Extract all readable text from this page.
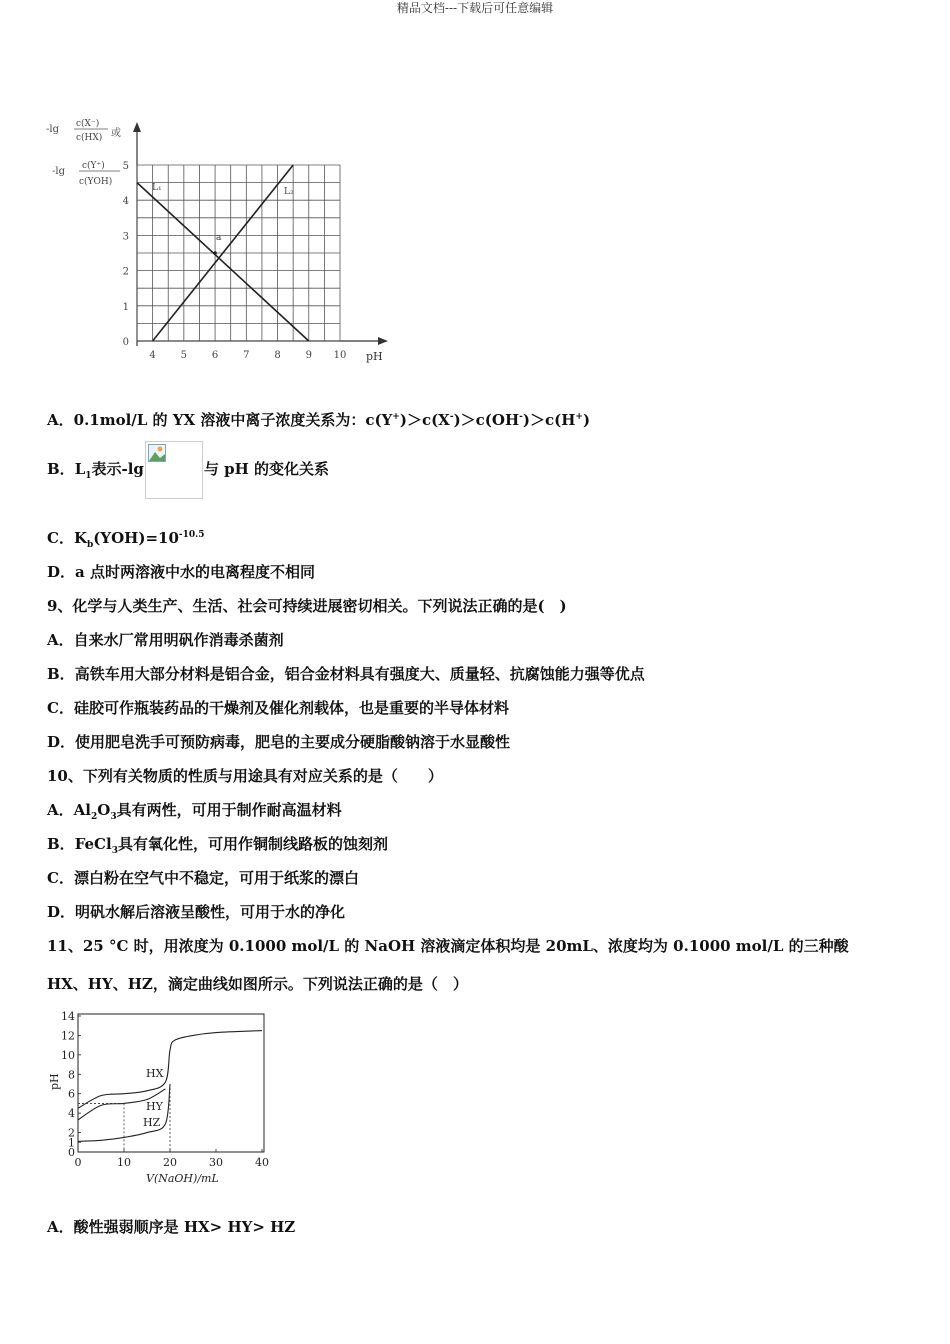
精品文档---下载后可任意编辑
-lg c(X⁻)
c(HX) 或
-lg c(Y⁺)
c(YOH)
4 5 6 7 8 9 10
0
1
2
3
4
5
pH
a
L₁	L₂
A．0.1mol/L 的 YX 溶液中离子浓度关系为：c(Y+)＞c(X-)＞c(OH-)＞c(H+)
B．$L_1$表示-lg	与 pH 的变化关系
C．$K_b(YOH)=10^{-10.5}$
D．a 点时两溶液中水的电离程度不相同
9、化学与人类生产、生活、社会可持续进展密切相关。下列说法正确的是(　)
A．自来水厂常用明矾作消毒杀菌剂
B．高铁车用大部分材料是铝合金，铝合金材料具有强度大、质量轻、抗腐蚀能力强等优点
C．硅胶可作瓶装药品的干燥剂及催化剂载体，也是重要的半导体材料
D．使用肥皂洗手可预防病毒，肥皂的主要成分硬脂酸钠溶于水显酸性
10、下列有关物质的性质与用途具有对应关系的是（　　）
A．$Al_2O_3$具有两性，可用于制作耐高温材料
B．FeCl$_3$具有氧化性，可用作铜制线路板的蚀刻剂
C．漂白粉在空气中不稳定，可用于纸浆的漂白
D．明矾水解后溶液呈酸性，可用于水的净化
11、25 °C 时，用浓度为 0.1000 mol/L 的 NaOH 溶液滴定体积均是 20mL、浓度均为 0.1000 mol/L 的三种酸
HX、HY、HZ，滴定曲线如图所示。下列说法正确的是（　）
0
1
2
4
6
8
10
12
14
0	10	20	30	40
pH
V(NaOH)/mL
HX
HY
HZ
A．酸性强弱顺序是 HX> HY> HZ
